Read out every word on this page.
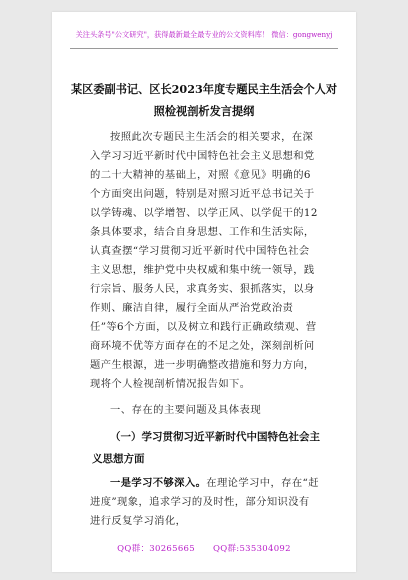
关注头条号"公文研究"，获得最新最全最专业的公文资料库！ 微信：gongwenyj
某区委副书记、区长2023年度专题民主生活会个人对照检视剖析发言提纲
按照此次专题民主生活会的相关要求，在深入学习习近平新时代中国特色社会主义思想和党的二十大精神的基础上，对照《意见》明确的6个方面突出问题，特别是对照习近平总书记关于以学铸魂、以学增智、以学正风、以学促干的12条具体要求，结合自身思想、工作和生活实际，认真查摆“学习贯彻习近平新时代中国特色社会主义思想，维护党中央权威和集中统一领导，践行宗旨、服务人民，求真务实、狠抓落实，以身作则、廉洁自律，履行全面从严治党政治责任”等6个方面，以及树立和践行正确政绩观、营商环境不优等方面存在的不足之处，深刻剖析问题产生根源，进一步明确整改措施和努力方向，现将个人检视剖析情况报告如下。
一、存在的主要问题及具体表现
（一）学习贯彻习近平新时代中国特色社会主义思想方面
一是学习不够深入。在理论学习中，存在“赶进度”现象，追求学习的及时性，部分知识没有进行反复学习消化，
QQ群：30265665 QQ群:535304092
